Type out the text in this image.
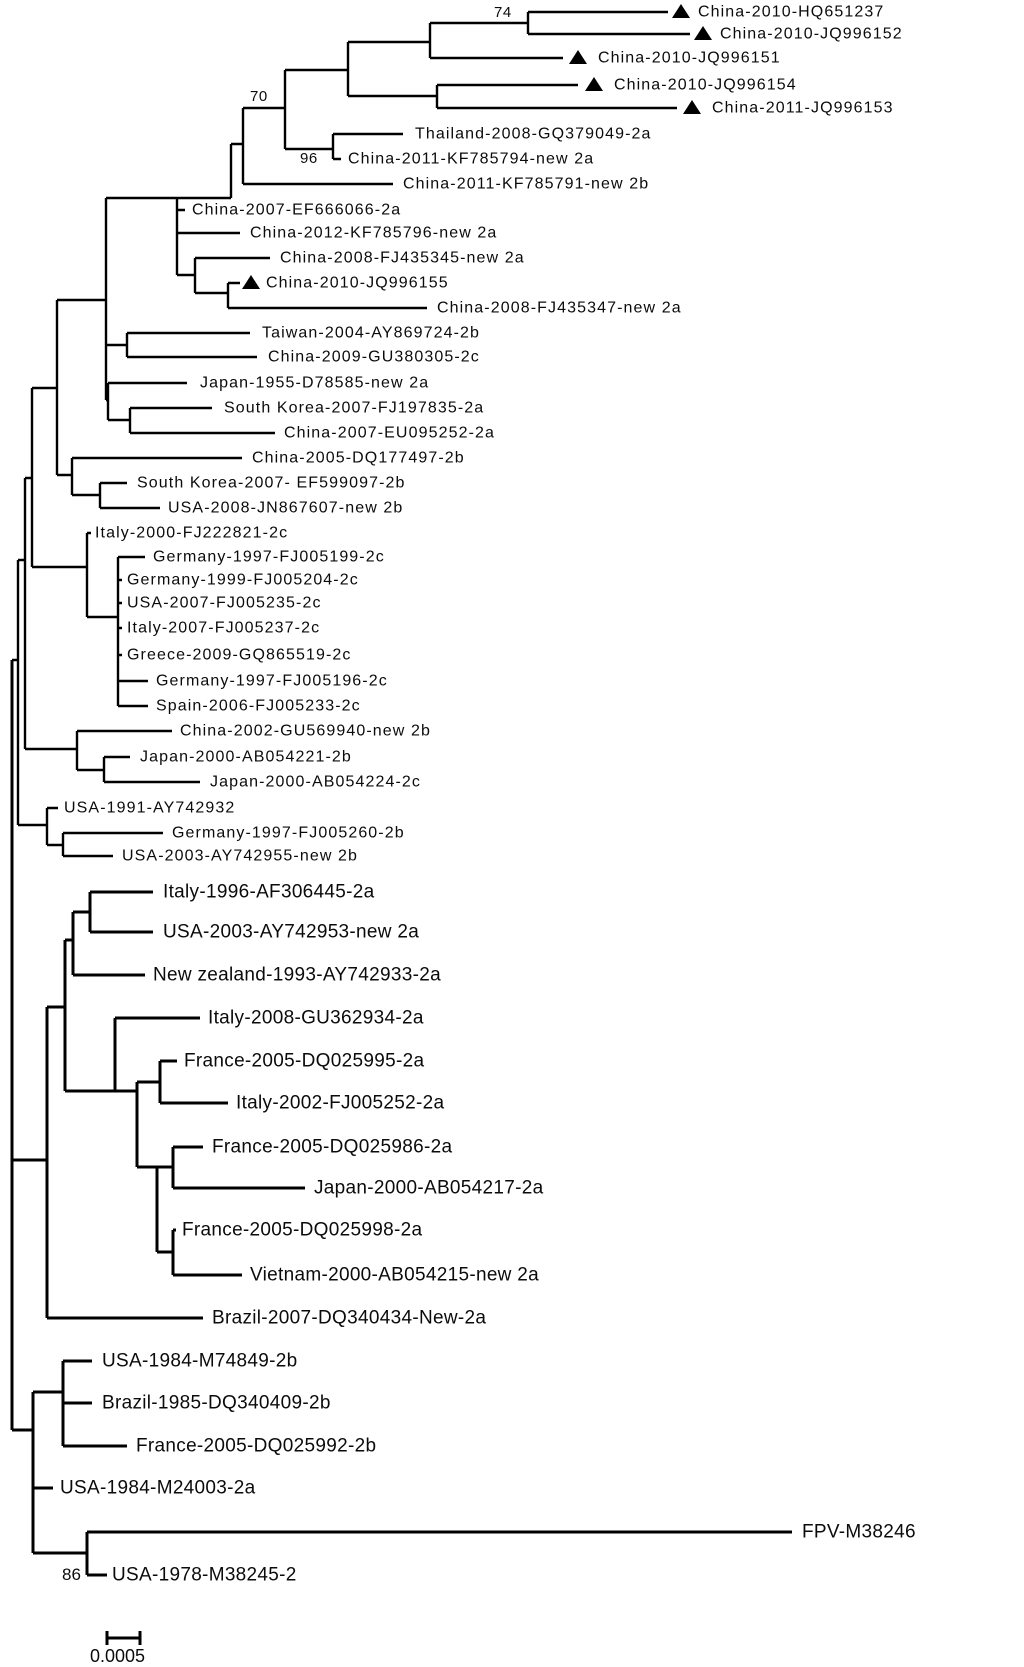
74
70
96
86
China-2010-HQ651237
China-2010-JQ996152
China-2010-JQ996151
China-2010-JQ996154
China-2011-JQ996153
Thailand-2008-GQ379049-2a
China-2011-KF785794-new 2a
China-2011-KF785791-new 2b
China-2007-EF666066-2a
China-2012-KF785796-new 2a
China-2008-FJ435345-new 2a
China-2010-JQ996155
China-2008-FJ435347-new 2a
Taiwan-2004-AY869724-2b
China-2009-GU380305-2c
Japan-1955-D78585-new 2a
South Korea-2007-FJ197835-2a
China-2007-EU095252-2a
China-2005-DQ177497-2b
South Korea-2007- EF599097-2b
USA-2008-JN867607-new 2b
Italy-2000-FJ222821-2c
Germany-1997-FJ005199-2c
Germany-1999-FJ005204-2c
USA-2007-FJ005235-2c
Italy-2007-FJ005237-2c
Greece-2009-GQ865519-2c
Germany-1997-FJ005196-2c
Spain-2006-FJ005233-2c
China-2002-GU569940-new 2b
Japan-2000-AB054221-2b
Japan-2000-AB054224-2c
USA-1991-AY742932
Germany-1997-FJ005260-2b
USA-2003-AY742955-new 2b
Italy-1996-AF306445-2a
USA-2003-AY742953-new 2a
New zealand-1993-AY742933-2a
Italy-2008-GU362934-2a
France-2005-DQ025995-2a
Italy-2002-FJ005252-2a
France-2005-DQ025986-2a
Japan-2000-AB054217-2a
France-2005-DQ025998-2a
Vietnam-2000-AB054215-new 2a
Brazil-2007-DQ340434-New-2a
USA-1984-M74849-2b
Brazil-1985-DQ340409-2b
France-2005-DQ025992-2b
USA-1984-M24003-2a
FPV-M38246
USA-1978-M38245-2
0.0005
